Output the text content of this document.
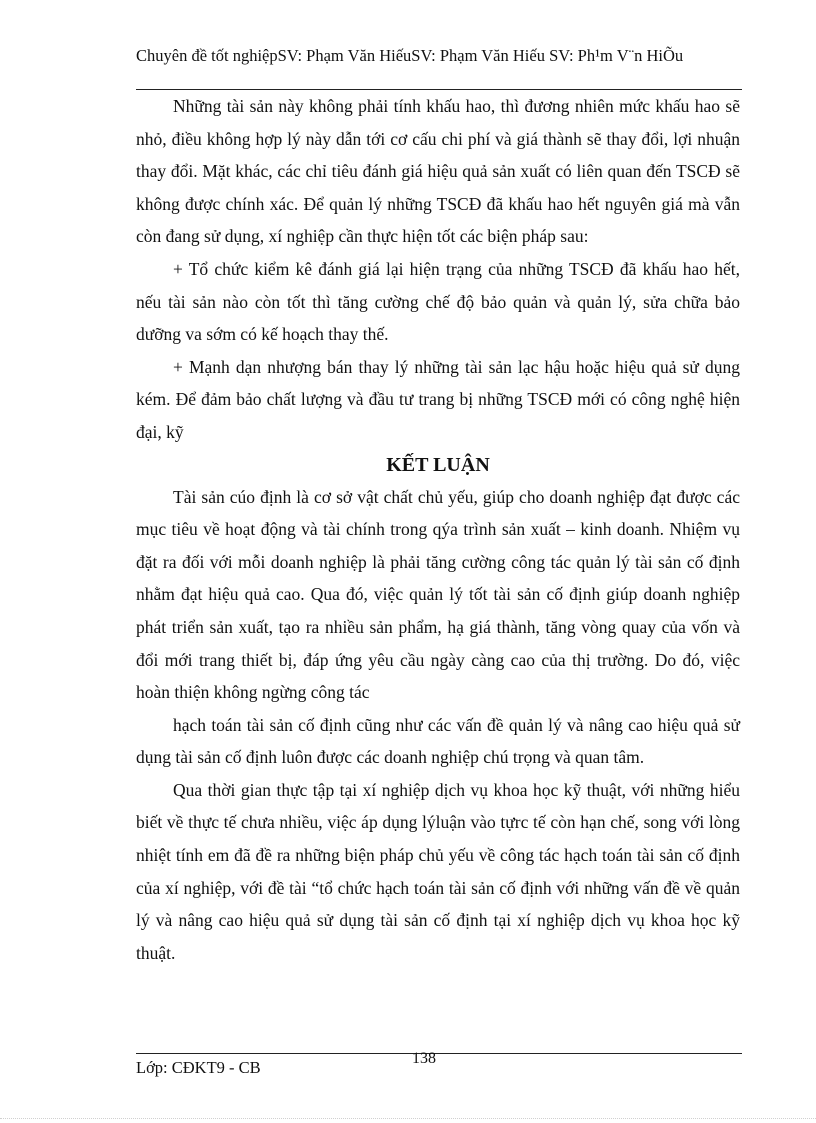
Chuyên đề tốt nghiệpSV: Phạm Văn HiếuSV: Phạm Văn Hiếu SV: Ph¹m V¨n HiÕu

Những tài sản này không phải tính khấu hao, thì đương nhiên mức khấu hao sẽ nhỏ, điều không hợp lý này dẫn tới cơ cấu chi phí và giá thành sẽ thay đổi, lợi nhuận thay đổi. Mặt khác, các chỉ tiêu đánh giá hiệu quả sản xuất có liên quan đến TSCĐ sẽ không được chính xác. Để quản lý những TSCĐ đã khấu hao hết nguyên giá mà vẫn còn đang sử dụng, xí nghiệp cần thực hiện tốt các biện pháp sau:

+ Tổ chức kiểm kê đánh giá lại hiện trạng của những TSCĐ đã khấu hao hết, nếu tài sản nào còn tốt thì tăng cường chế độ bảo quản và quản lý, sửa chữa bảo dưỡng va sớm có kế hoạch thay thế.

+ Mạnh dạn nhượng bán thay lý những tài sản lạc hậu hoặc hiệu quả sử dụng kém. Để đảm bảo chất lượng và đầu tư trang bị những TSCĐ mới có công nghệ hiện đại, kỹ

KẾT LUẬN

Tài sản cúo định là cơ sở vật chất chủ yếu, giúp cho doanh nghiệp đạt được các mục tiêu về hoạt động và tài chính trong qýa trình sản xuất – kinh doanh. Nhiệm vụ đặt ra đối với mỗi doanh nghiệp là phải tăng cường công tác quản lý tài sản cố định nhằm đạt hiệu quả cao. Qua đó, việc quản lý tốt tài sản cố định giúp doanh nghiệp phát triển sản xuất, tạo ra nhiều sản phẩm, hạ giá thành, tăng vòng quay của vốn và đổi mới trang thiết bị, đáp ứng yêu cầu ngày càng cao của thị trường. Do đó, việc hoàn thiện không ngừng công tác

hạch toán tài sản cố định cũng như các vấn đề quản lý và nâng cao hiệu quả sử dụng tài sản cố định luôn được các doanh nghiệp chú trọng và quan tâm.

Qua thời gian thực tập tại xí nghiệp dịch vụ khoa học kỹ thuật, với những hiểu biết về thực tế chưa nhiều, việc áp dụng lýluận vào tựrc tế còn hạn chế, song với lòng nhiệt tính em đã đề ra những biện pháp chủ yếu về công tác hạch toán tài sản cố định của xí nghiệp, với đề tài “tổ chức hạch toán tài sản cố định với những vấn đề về quản lý và nâng cao hiệu quả sử dụng tài sản cố định tại xí nghiệp dịch vụ khoa học kỹ thuật.

Lớp: CĐKT9 - CB	138
